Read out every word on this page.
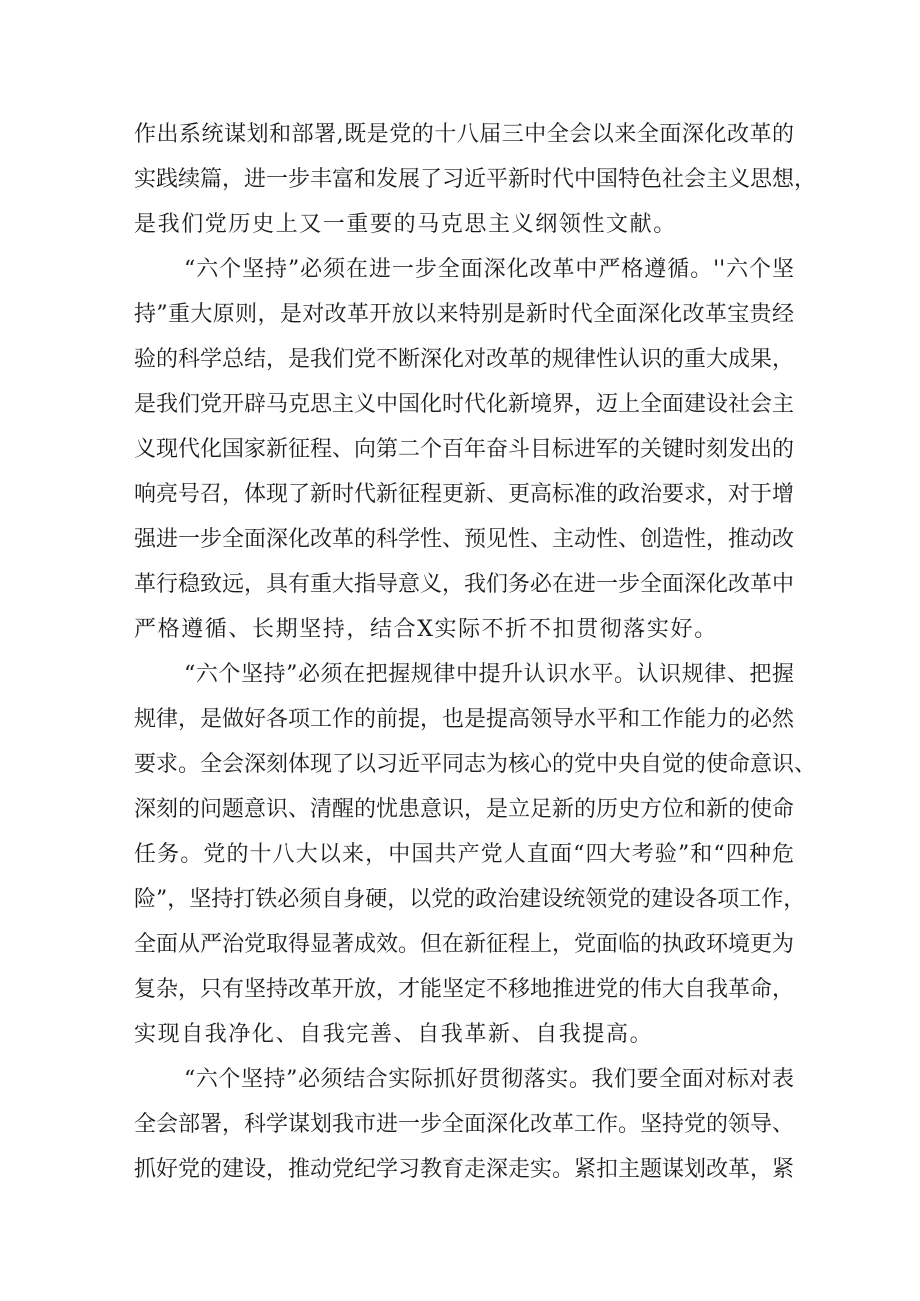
作出系统谋划和部署,既是党的十八届三中全会以来全面深化改革的
实践续篇，进一步丰富和发展了习近平新时代中国特色社会主义思想，
是我们党历史上又一重要的马克思主义纲领性文献。
“六个坚持”必须在进一步全面深化改革中严格遵循。''六个坚
持”重大原则，是对改革开放以来特别是新时代全面深化改革宝贵经
验的科学总结，是我们党不断深化对改革的规律性认识的重大成果，
是我们党开辟马克思主义中国化时代化新境界，迈上全面建设社会主
义现代化国家新征程、向第二个百年奋斗目标进军的关键时刻发出的
响亮号召，体现了新时代新征程更新、更高标准的政治要求，对于增
强进一步全面深化改革的科学性、预见性、主动性、创造性，推动改
革行稳致远，具有重大指导意义，我们务必在进一步全面深化改革中
严格遵循、长期坚持，结合X实际不折不扣贯彻落实好。
“六个坚持”必须在把握规律中提升认识水平。认识规律、把握
规律，是做好各项工作的前提，也是提高领导水平和工作能力的必然
要求。全会深刻体现了以习近平同志为核心的党中央自觉的使命意识、
深刻的问题意识、清醒的忧患意识，是立足新的历史方位和新的使命
任务。党的十八大以来，中国共产党人直面“四大考验”和“四种危
险”，坚持打铁必须自身硬，以党的政治建设统领党的建设各项工作，
全面从严治党取得显著成效。但在新征程上，党面临的执政环境更为
复杂，只有坚持改革开放，才能坚定不移地推进党的伟大自我革命，
实现自我净化、自我完善、自我革新、自我提高。
“六个坚持”必须结合实际抓好贯彻落实。我们要全面对标对表
全会部署，科学谋划我市进一步全面深化改革工作。坚持党的领导、
抓好党的建设，推动党纪学习教育走深走实。紧扣主题谋划改革，紧
